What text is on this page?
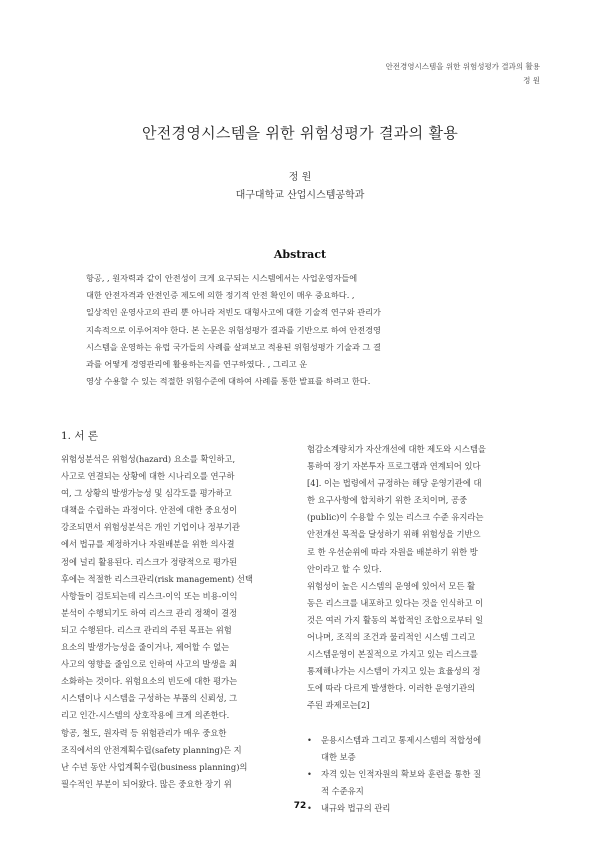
안전경영시스템을 위한 위험성평가 결과의 활용
정 원
안전경영시스템을 위한 위험성평가 결과의 활용
정 원
대구대학교 산업시스템공학과
Abstract
항공, , 원자력과 같이 안전성이 크게 요구되는 시스템에서는 사업운영자들에
대한 안전자격과 안전인증 제도에 의한 정기적 안전 확인이 매우 중요하다. ,
일상적인 운영사고의 관리 뿐 아니라 저빈도 대형사고에 대한 기술적 연구와 관리가
지속적으로 이루어져야 한다. 본 논문은 위험성평가 결과를 기반으로 하여 안전경영
시스템을 운영하는 유럽 국가들의 사례를 살펴보고 적용된 위험성평가 기술과 그 결
과를 어떻게 경영관리에 활용하는지를 연구하였다. , 그리고 운
영상 수용할 수 있는 적절한 위험수준에 대하여 사례를 통한 발표를 하려고 한다.
1. 서 론
위험성분석은 위험성(hazard) 요소를 확인하고,
사고로 연결되는 상황에 대한 시나리오를 연구하
여, 그 상황의 발생가능성 및 심각도를 평가하고
대책을 수립하는 과정이다. 안전에 대한 중요성이
강조되면서 위험성분석은 개인 기업이나 정부기관
에서 법규를 제정하거나 자원배분을 위한 의사결
정에 널리 활용된다. 리스크가 정량적으로 평가된
후에는 적절한 리스크관리(risk management) 선택
사항들이 검토되는데 리스크-이익 또는 비용-이익
분석이 수행되기도 하여 리스크 관리 정책이 결정
되고 수행된다. 리스크 관리의 주된 목표는 위험
요소의 발생가능성을 줄이거나, 제어할 수 없는
사고의 영향을 줄임으로 인하여 사고의 발생을 최
소화하는 것이다. 위험요소의 빈도에 대한 평가는
시스템이나 시스템을 구성하는 부품의 신뢰성, 그
리고 인간-시스템의 상호작용에 크게 의존한다.
항공, 철도, 원자력 등 위험관리가 매우 중요한
조직에서의 안전계획수립(safety planning)은 지
난 수년 동안 사업계획수립(business planning)의
필수적인 부분이 되어왔다. 많은 중요한 장기 위
험감소계량치가 자산개선에 대한 제도와 시스템을
통하여 장기 자본투자 프로그램과 연계되어 있다
[4]. 이는 법령에서 규정하는 해당 운영기관에 대
한 요구사항에 합치하기 위한 조치이며, 공중
(public)이 수용할 수 있는 리스크 수준 유지라는
안전개선 목적을 달성하기 위해 위험성을 기반으
로 한 우선순위에 따라 자원을 배분하기 위한 방
안이라고 할 수 있다.
위험성이 높은 시스템의 운영에 있어서 모든 활
동은 리스크를 내포하고 있다는 것을 인식하고 이
것은 여러 가지 활동의 복합적인 조합으로부터 일
어나며, 조직의 조건과 물리적인 시스템 그리고
시스템운영이 본질적으로 가지고 있는 리스크를
통제해나가는 시스템이 가지고 있는 효율성의 정
도에 따라 다르게 발생한다. 이러한 운영기관의
주된 과제로는[2]
• 운용시스템과 그리고 통제시스템의 적합성에
대한 보증
• 자격 있는 인적자원의 확보와 훈련을 통한 질
적 수준유지
• 내규와 법규의 관리
72
